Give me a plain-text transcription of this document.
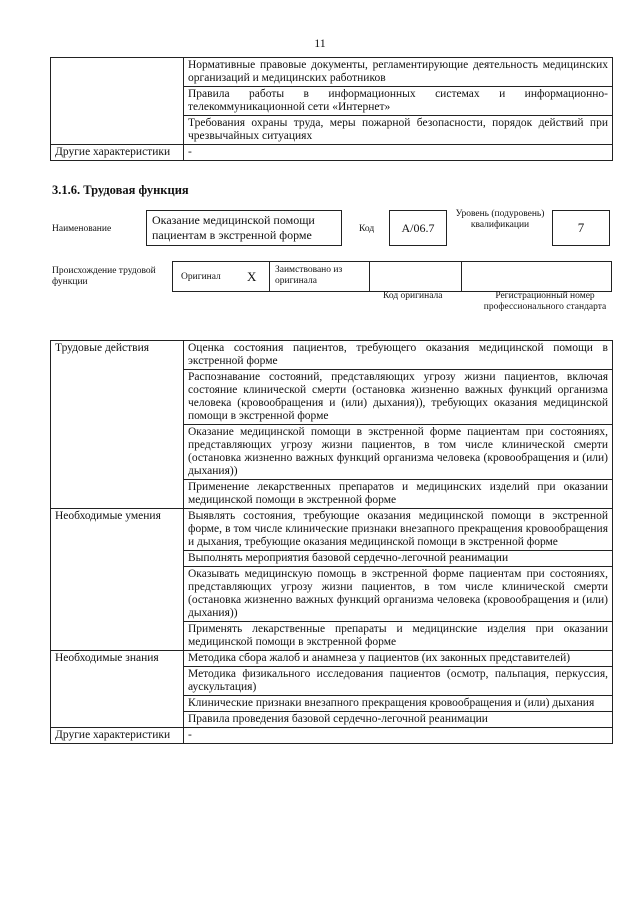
11
	Нормативные правовые документы, регламентирующие деятельность медицинских организаций и медицинских работников
	Правила работы в информационных системах и информационно-телекоммуникационной сети «Интернет»
	Требования охраны труда, меры пожарной безопасности, порядок действий при чрезвычайных ситуациях
Другие характеристики	-
3.1.6. Трудовая функция
Наименование
Оказание медицинской помощи пациентам в экстренной форме	Код	А/06.7
Уровень (подуровень) квалификации	7
Происхождение трудовой функции	Оригинал X Заимствовано из оригинала
Код оригинала	Регистрационный номер профессионального стандарта
Трудовые действия	Оценка состояния пациентов, требующего оказания медицинской помощи в экстренной форме
	Распознавание состояний, представляющих угрозу жизни пациентов, включая состояние клинической смерти (остановка жизненно важных функций организма человека (кровообращения и (или) дыхания)), требующих оказания медицинской помощи в экстренной форме
	Оказание медицинской помощи в экстренной форме пациентам при состояниях, представляющих угрозу жизни пациентов, в том числе клинической смерти (остановка жизненно важных функций организма человека (кровообращения и (или) дыхания))
	Применение лекарственных препаратов и медицинских изделий при оказании медицинской помощи в экстренной форме
Необходимые умения	Выявлять состояния, требующие оказания медицинской помощи в экстренной форме, в том числе клинические признаки внезапного прекращения кровообращения и дыхания, требующие оказания медицинской помощи в экстренной форме
	Выполнять мероприятия базовой сердечно-легочной реанимации
	Оказывать медицинскую помощь в экстренной форме пациентам при состояниях, представляющих угрозу жизни пациентов, в том числе клинической смерти (остановка жизненно важных функций организма человека (кровообращения и (или) дыхания))
	Применять лекарственные препараты и медицинские изделия при оказании медицинской помощи в экстренной форме
Необходимые знания	Методика сбора жалоб и анамнеза у пациентов (их законных представителей)
	Методика физикального исследования пациентов (осмотр, пальпация, перкуссия, аускультация)
	Клинические признаки внезапного прекращения кровообращения и (или) дыхания
	Правила проведения базовой сердечно-легочной реанимации
Другие характеристики	-
